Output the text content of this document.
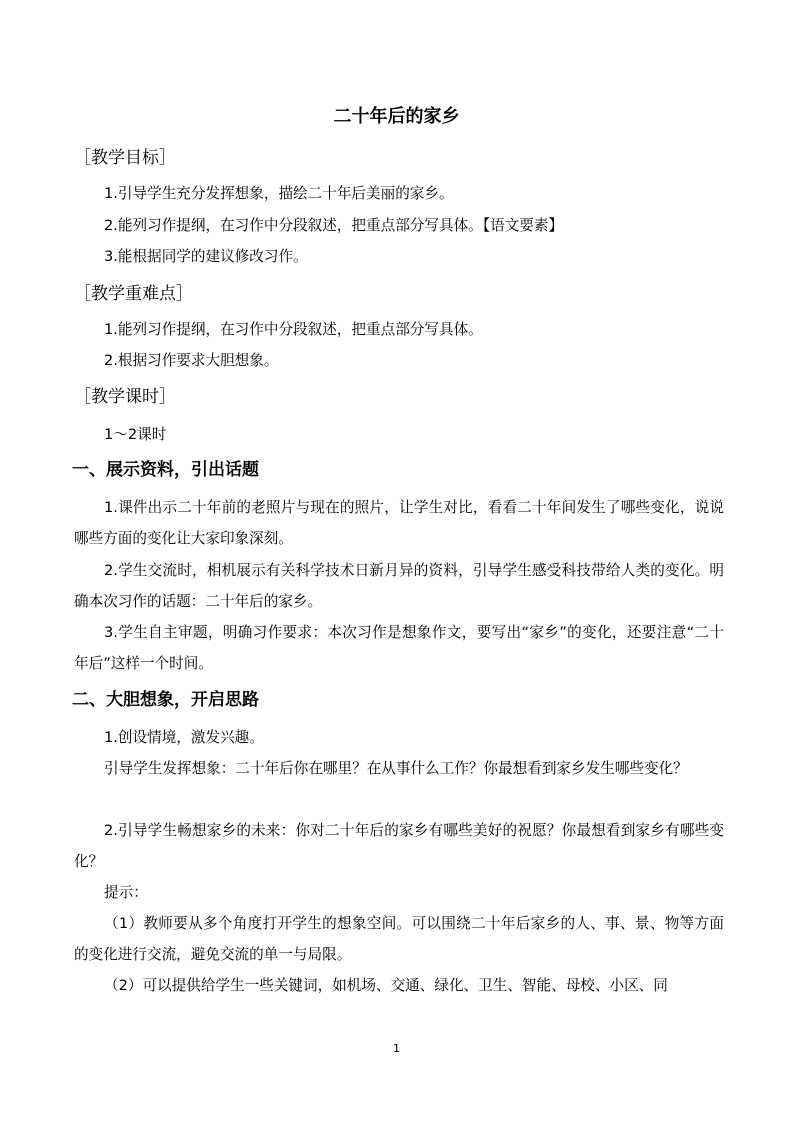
二十年后的家乡
［教学目标］
1.引导学生充分发挥想象，描绘二十年后美丽的家乡。
2.能列习作提纲，在习作中分段叙述，把重点部分写具体。【语文要素】
3.能根据同学的建议修改习作。
［教学重难点］
1.能列习作提纲，在习作中分段叙述，把重点部分写具体。
2.根据习作要求大胆想象。
［教学课时］
1～2课时
一、展示资料，引出话题
1.课件出示二十年前的老照片与现在的照片，让学生对比，看看二十年间发生了哪些变化，说说哪些方面的变化让大家印象深刻。
2.学生交流时，相机展示有关科学技术日新月异的资料，引导学生感受科技带给人类的变化。明确本次习作的话题：二十年后的家乡。
3.学生自主审题，明确习作要求：本次习作是想象作文，要写出“家乡”的变化，还要注意“二十年后”这样一个时间。
二、大胆想象，开启思路
1.创设情境，激发兴趣。
引导学生发挥想象：二十年后你在哪里？在从事什么工作？你最想看到家乡发生哪些变化？
2.引导学生畅想家乡的未来：你对二十年后的家乡有哪些美好的祝愿？你最想看到家乡有哪些变化？
提示：
（1）教师要从多个角度打开学生的想象空间。可以围绕二十年后家乡的人、事、景、物等方面的变化进行交流，避免交流的单一与局限。
（2）可以提供给学生一些关键词，如机场、交通、绿化、卫生、智能、母校、小区、同
1
